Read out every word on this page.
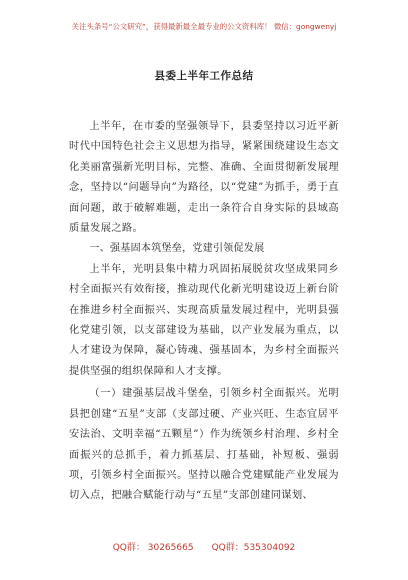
关注头条号“公文研究”，获得最新最全最专业的公文资料库！ 微信：gongwenyj
县委上半年工作总结

上半年，在市委的坚强领导下，县委坚持以习近平新时代中国特色社会主义思想为指导，紧紧围绕建设生态文化美丽富强新光明目标，完整、准确、全面贯彻新发展理念，坚持以“问题导向”为路径，以“党建”为抓手，勇于直面问题，敢于破解难题，走出一条符合自身实际的县域高质量发展之路。

一、强基固本筑堡垒，党建引领促发展

上半年，光明县集中精力巩固拓展脱贫攻坚成果同乡村全面振兴有效衔接，推动现代化新光明建设迈上新台阶在推进乡村全面振兴、实现高质量发展过程中，光明县强化党建引领，以支部建设为基础，以产业发展为重点，以人才建设为保障，凝心铸魂、强基固本，为乡村全面振兴提供坚强的组织保障和人才支撑。

（一）建强基层战斗堡垒，引领乡村全面振兴。光明县把创建“五星”支部（支部过硬、产业兴旺、生态宜居平安法治、文明幸福“五颗星”）作为统领乡村治理、乡村全面振兴的总抓手，着力抓基层、打基础，补短板、强弱项，引领乡村全面振兴。坚持以融合党建赋能产业发展为切入点，把融合赋能行动与“五星”支部创建同谋划、

QQ群： 30265665 QQ群：535304092
